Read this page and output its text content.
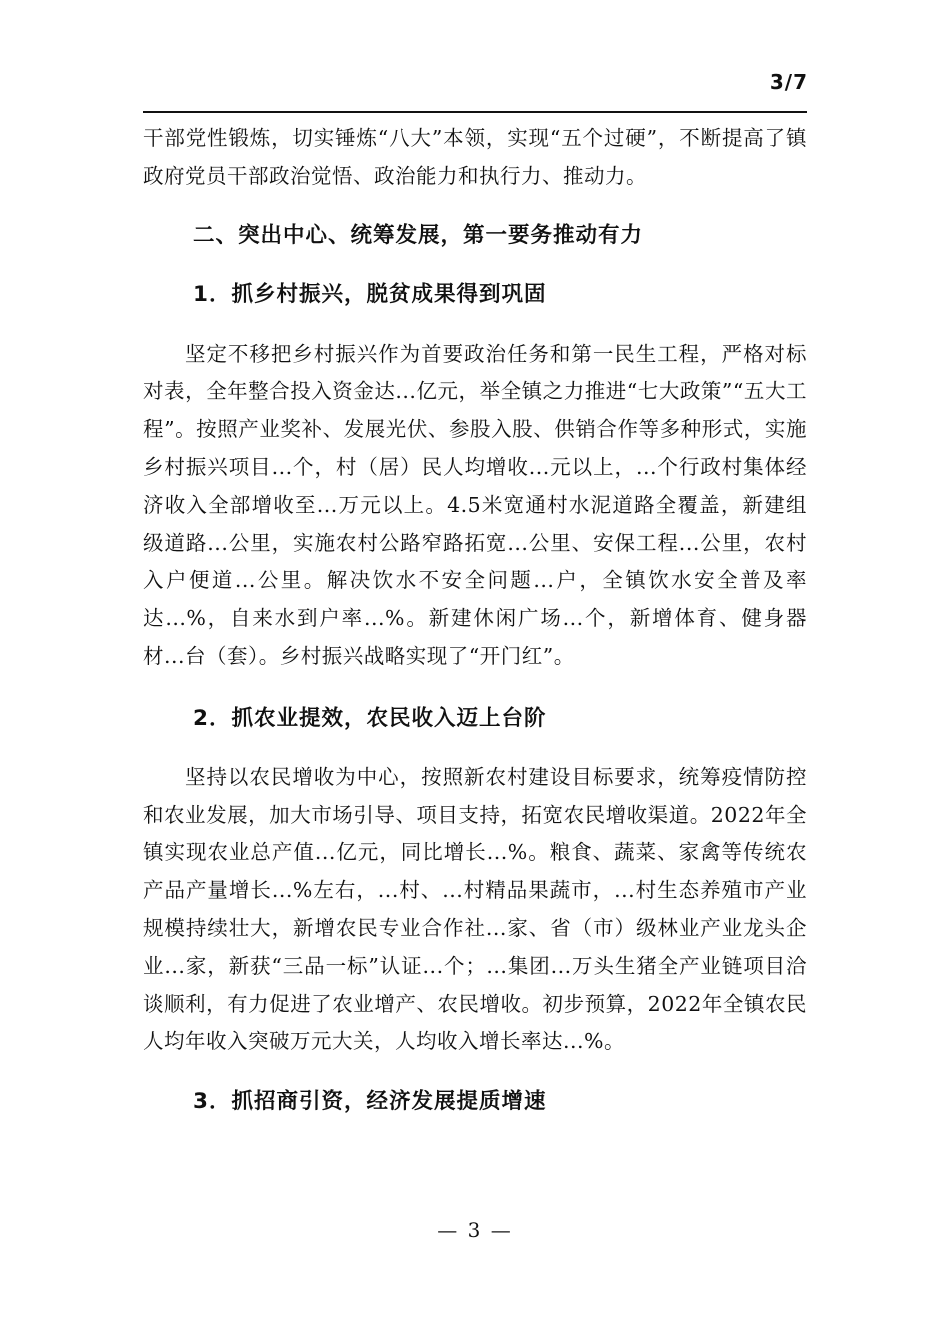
3/7

干部党性锻炼，切实锤炼“八大”本领，实现“五个过硬”，不断提高了镇政府党员干部政治觉悟、政治能力和执行力、推动力。

二、突出中心、统筹发展，第一要务推动有力
1．抓乡村振兴，脱贫成果得到巩固

坚定不移把乡村振兴作为首要政治任务和第一民生工程，严格对标对表，全年整合投入资金达...亿元，举全镇之力推进“七大政策”“五大工程”。按照产业奖补、发展光伏、参股入股、供销合作等多种形式，实施乡村振兴项目...个，村（居）民人均增收...元以上，...个行政村集体经济收入全部增收至...万元以上。4.5米宽通村水泥道路全覆盖，新建组级道路...公里，实施农村公路窄路拓宽...公里、安保工程...公里，农村入户便道...公里。解决饮水不安全问题...户，全镇饮水安全普及率达...%，自来水到户率...%。新建休闲广场...个，新增体育、健身器材...台（套）。乡村振兴战略实现了“开门红”。

2．抓农业提效，农民收入迈上台阶

坚持以农民增收为中心，按照新农村建设目标要求，统筹疫情防控和农业发展，加大市场引导、项目支持，拓宽农民增收渠道。2022年全镇实现农业总产值...亿元，同比增长...%。粮食、蔬菜、家禽等传统农产品产量增长...%左右，...村、...村精品果蔬市，...村生态养殖市产业规模持续壮大，新增农民专业合作社...家、省（市）级林业产业龙头企业...家，新获“三品一标”认证...个；...集团...万头生猪全产业链项目洽谈顺利，有力促进了农业增产、农民增收。初步预算，2022年全镇农民人均年收入突破万元大关，人均收入增长率达...%。

3．抓招商引资，经济发展提质增速
— 3 —
